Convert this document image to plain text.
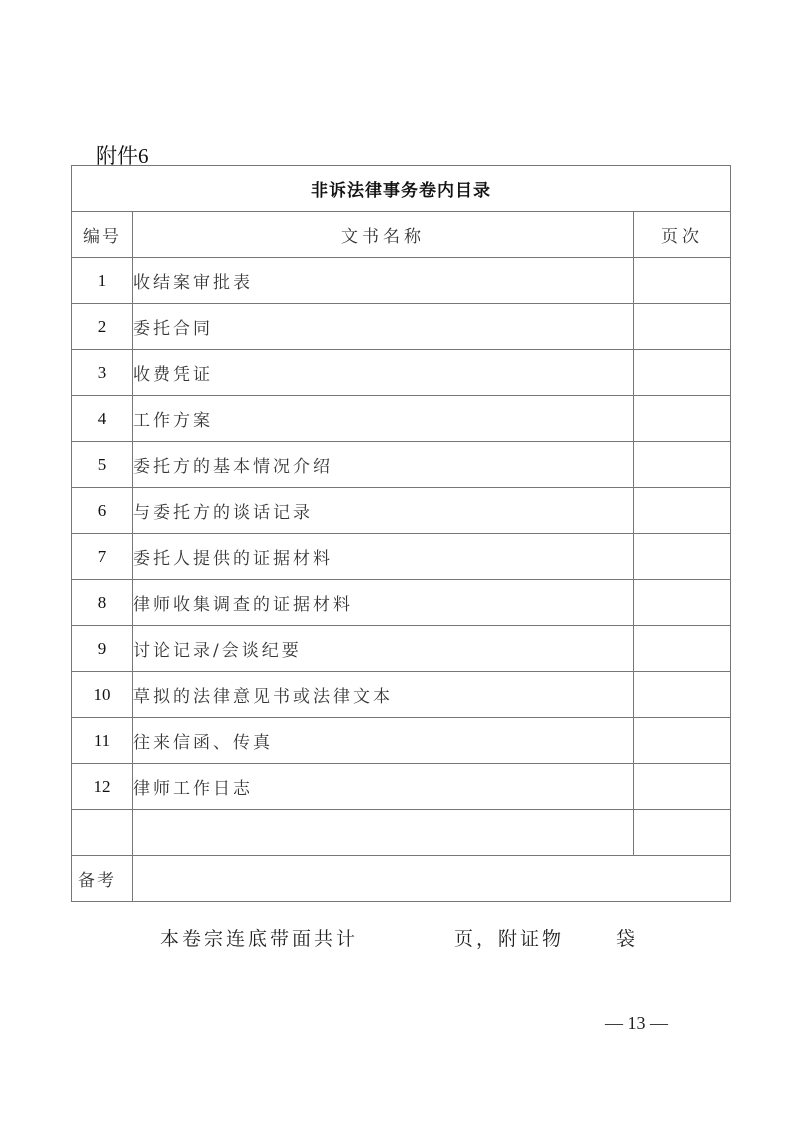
附件6
非诉法律事务卷内目录		
编号	文书名称	页次
1	收结案审批表	
2	委托合同	
3	收费凭证	
4	工作方案	
5	委托方的基本情况介绍	
6	与委托方的谈话记录	
7	委托人提供的证据材料	
8	律师收集调查的证据材料	
9	讨论记录/会谈纪要	
10	草拟的法律意见书或法律文本	
11	往来信函、传真	
12	律师工作日志	

备考		
本卷宗连底带面共计	页，附证物	袋
— 13 —
